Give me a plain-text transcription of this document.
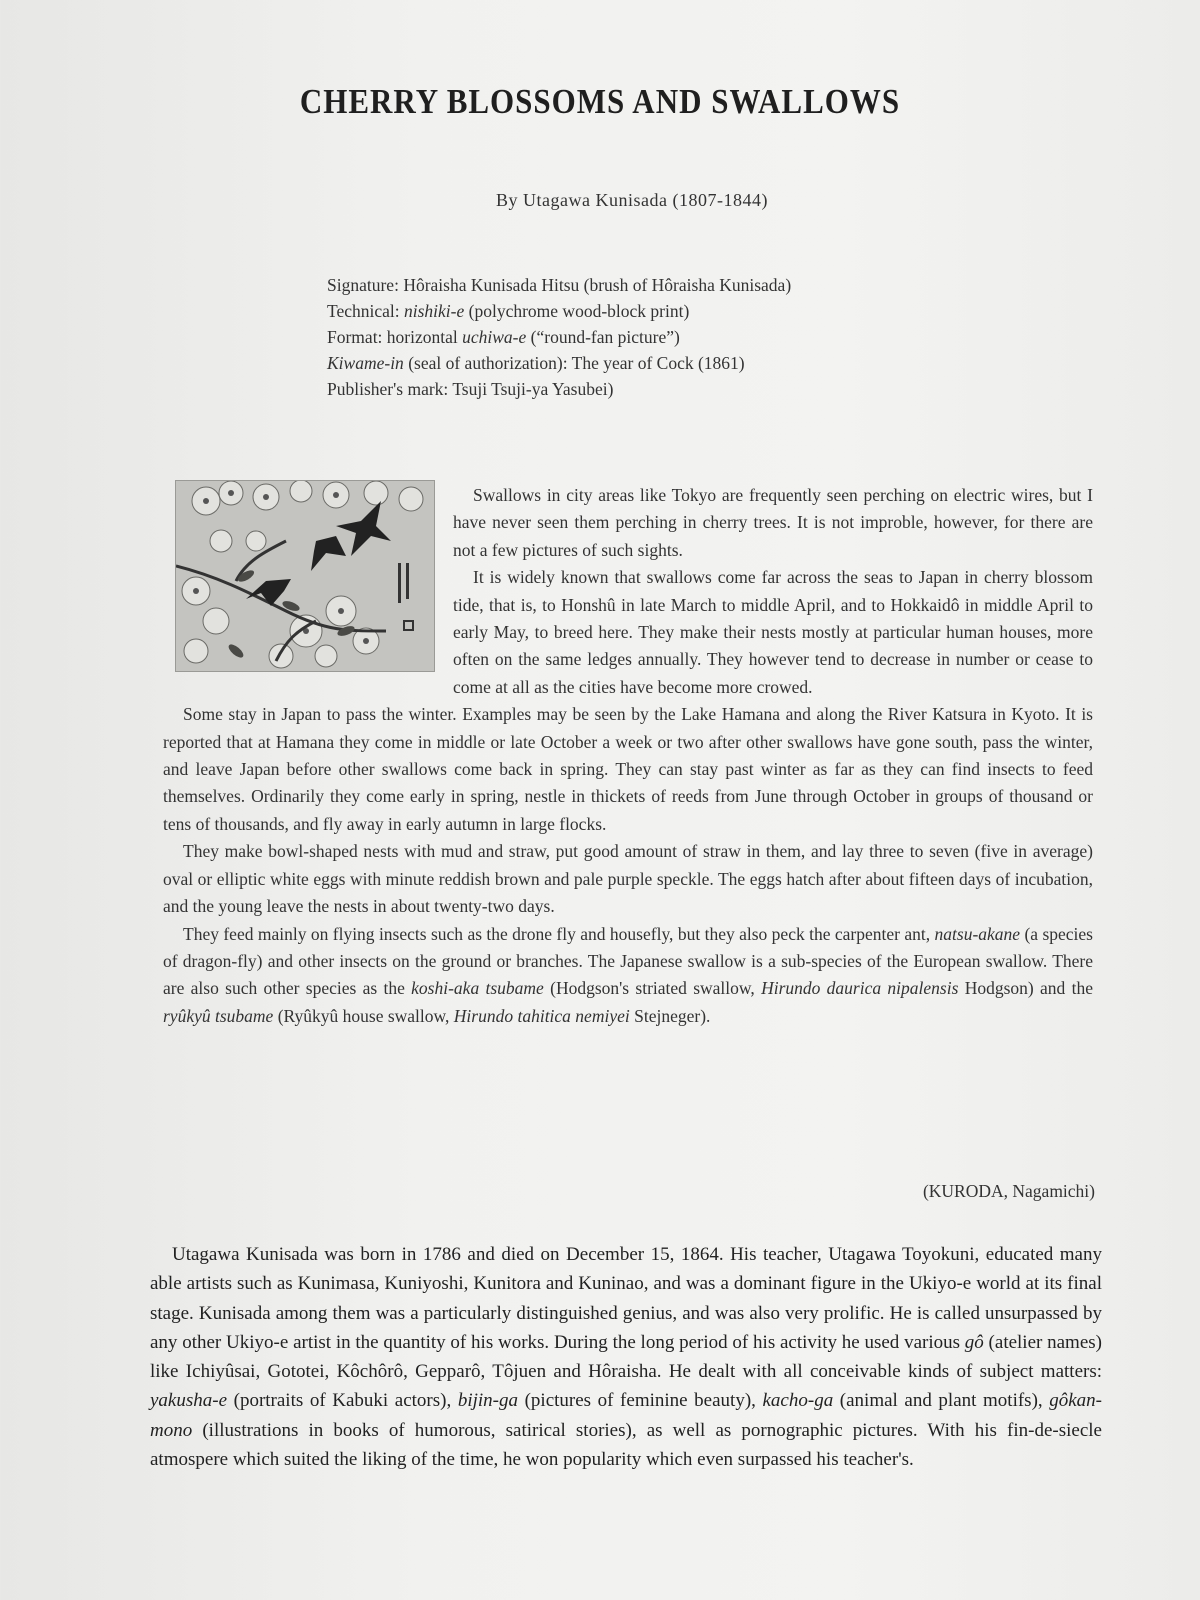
CHERRY BLOSSOMS AND SWALLOWS
By Utagawa Kunisada (1807-1844)
Signature: Hôraisha Kunisada Hitsu (brush of Hôraisha Kunisada)
Technical: nishiki-e (polychrome wood-block print)
Format: horizontal uchiwa-e (“round-fan picture”)
Kiwame-in (seal of authorization): The year of Cock (1861)
Publisher's mark: Tsuji Tsuji-ya Yasubei)

Swallows in city areas like Tokyo are frequently seen perching on electric wires, but I have never seen them perching in cherry trees. It is not improble, however, for there are not a few pictures of such sights.

It is widely known that swallows come far across the seas to Japan in cherry blossom tide, that is, to Honshû in late March to middle April, and to Hokkaidô in middle April to early May, to breed here. They make their nests mostly at particular human houses, more often on the same ledges annually. They however tend to decrease in number or cease to come at all as the cities have become more crowed.

Some stay in Japan to pass the winter. Examples may be seen by the Lake Hamana and along the River Katsura in Kyoto. It is reported that at Hamana they come in middle or late October a week or two after other swallows have gone south, pass the winter, and leave Japan before other swallows come back in spring. They can stay past winter as far as they can find insects to feed themselves. Ordinarily they come early in spring, nestle in thickets of reeds from June through October in groups of thousand or tens of thousands, and fly away in early autumn in large flocks.

They make bowl-shaped nests with mud and straw, put good amount of straw in them, and lay three to seven (five in average) oval or elliptic white eggs with minute reddish brown and pale purple speckle. The eggs hatch after about fifteen days of incubation, and the young leave the nests in about twenty-two days.

They feed mainly on flying insects such as the drone fly and housefly, but they also peck the carpenter ant, natsu-akane (a species of dragon-fly) and other insects on the ground or branches. The Japanese swallow is a sub-species of the European swallow. There are also such other species as the koshi-aka tsubame (Hodgson's striated swallow, Hirundo daurica nipalensis Hodgson) and the ryûkyû tsubame (Ryûkyû house swallow, Hirundo tahitica nemiyei Stejneger).

(KURODA, Nagamichi)

Utagawa Kunisada was born in 1786 and died on December 15, 1864. His teacher, Utagawa Toyokuni, educated many able artists such as Kunimasa, Kuniyoshi, Kunitora and Kuninao, and was a dominant figure in the Ukiyo-e world at its final stage. Kunisada among them was a particularly distinguished genius, and was also very prolific. He is called unsurpassed by any other Ukiyo-e artist in the quantity of his works. During the long period of his activity he used various gô (atelier names) like Ichiyûsai, Gototei, Kôchôrô, Gepparô, Tôjuen and Hôraisha. He dealt with all conceivable kinds of subject matters: yakusha-e (portraits of Kabuki actors), bijin-ga (pictures of feminine beauty), kacho-ga (animal and plant motifs), gôkan-mono (illustrations in books of humorous, satirical stories), as well as pornographic pictures. With his fin-de-siecle atmospere which suited the liking of the time, he won popularity which even surpassed his teacher's.
